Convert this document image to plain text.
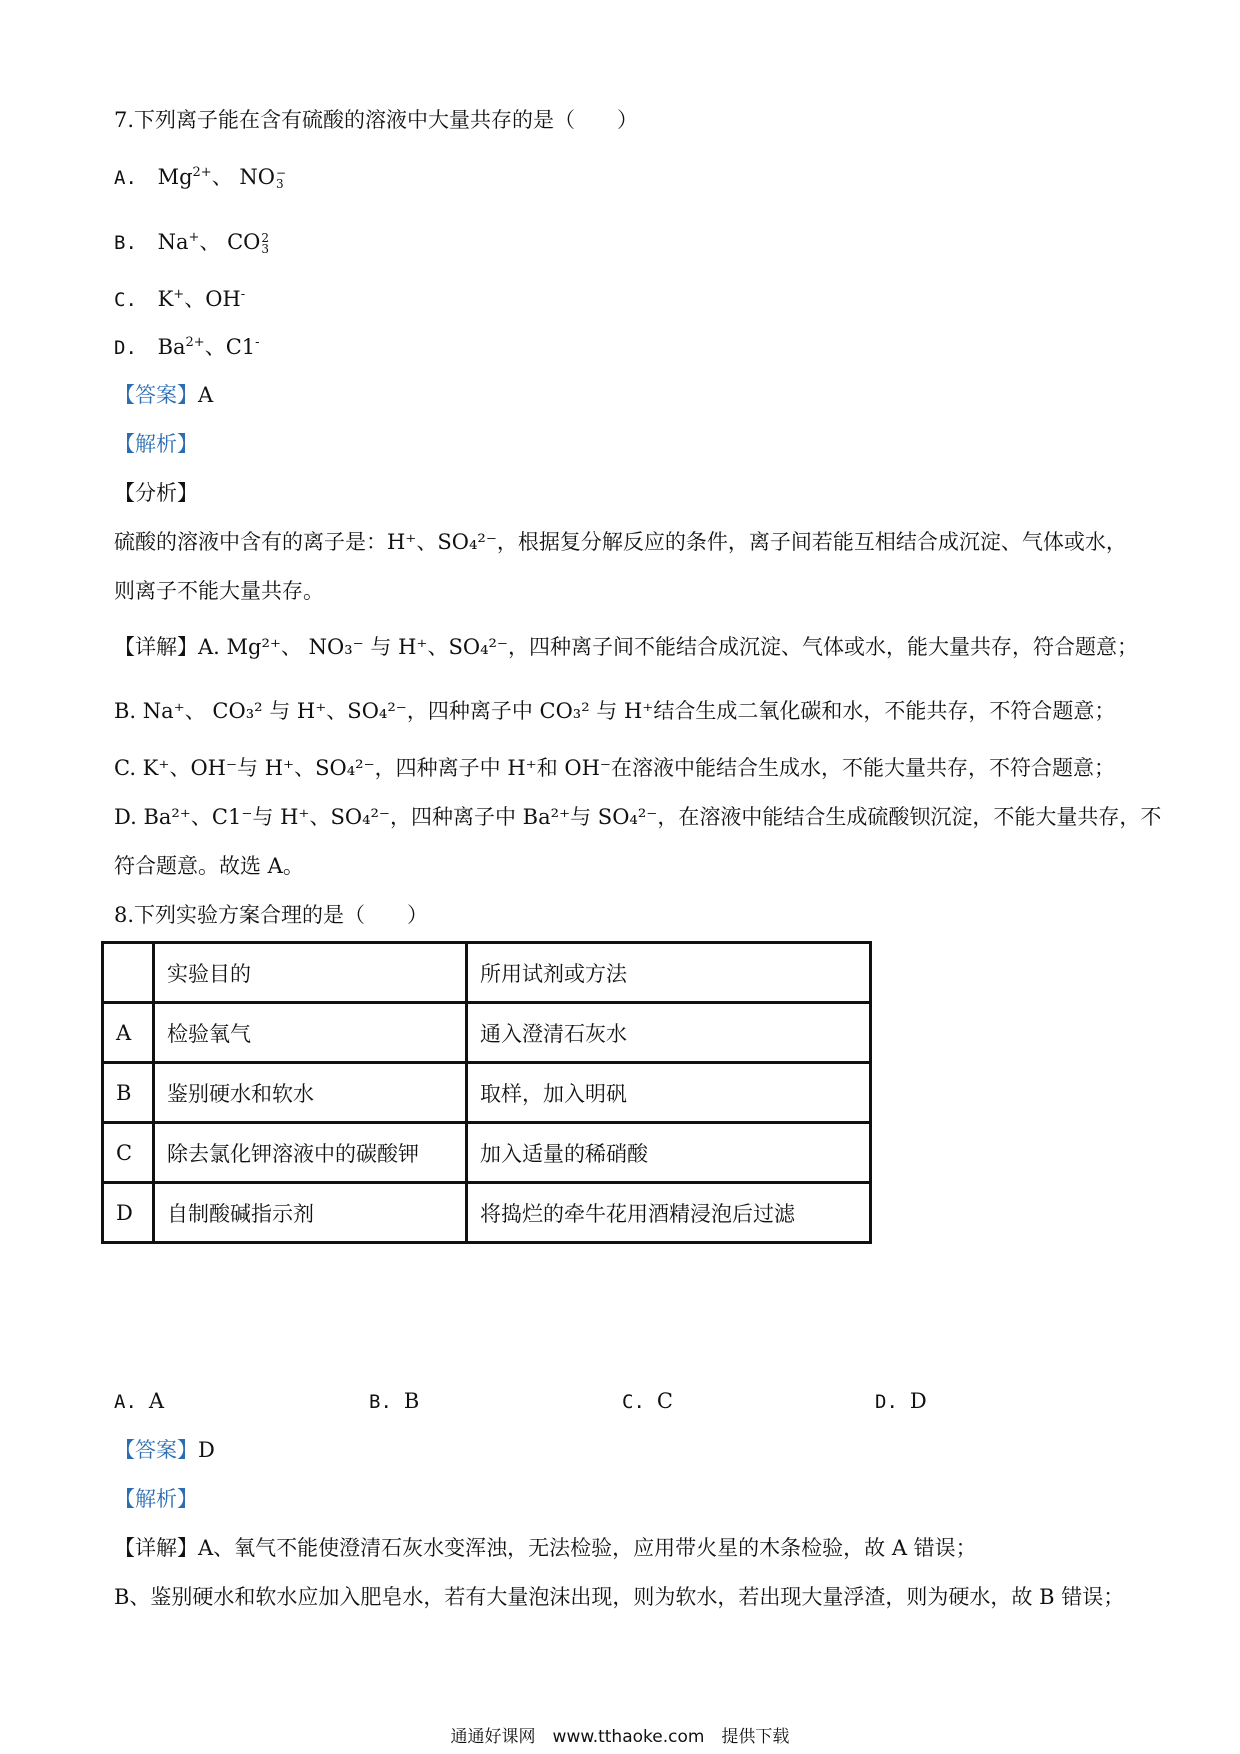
7.下列离子能在含有硫酸的溶液中大量共存的是（　　）
A. $Mg^{2+}$、 NO −
3
B. Na+、 CO 2
3
C. K+、OH-
D. $Ba^{2+}$、C1-
【答案】A
【解析】
【分析】
硫酸的溶液中含有的离子是：H⁺、SO₄²⁻，根据复分解反应的条件，离子间若能互相结合成沉淀、气体或水，
则离子不能大量共存。
【详解】A. Mg²⁺、 NO₃⁻ 与 H⁺、SO₄²⁻，四种离子间不能结合成沉淀、气体或水，能大量共存，符合题意；
B. Na⁺、 CO₃² 与 H⁺、SO₄²⁻，四种离子中 CO₃² 与 H⁺结合生成二氧化碳和水，不能共存，不符合题意；
C. K⁺、OH⁻与 H⁺、SO₄²⁻，四种离子中 H⁺和 OH⁻在溶液中能结合生成水，不能大量共存，不符合题意；
D. Ba²⁺、C1⁻与 H⁺、SO₄²⁻，四种离子中 Ba²⁺与 SO₄²⁻，在溶液中能结合生成硫酸钡沉淀，不能大量共存，不
符合题意。故选 A。
8.下列实验方案合理的是（　　）
	实验目的	所用试剂或方法
A	检验氧气	通入澄清石灰水
B	鉴别硬水和软水	取样，加入明矾
C	除去氯化钾溶液中的碳酸钾	加入适量的稀硝酸
D	自制酸碱指示剂	将捣烂的牵牛花用酒精浸泡后过滤
A. A	B. B	C. C	D. D
【答案】D
【解析】
【详解】A、氧气不能使澄清石灰水变浑浊，无法检验，应用带火星的木条检验，故 A 错误；
B、鉴别硬水和软水应加入肥皂水，若有大量泡沫出现，则为软水，若出现大量浮渣，则为硬水，故 B 错误；
通通好课网　www.tthaoke.com　提供下载
